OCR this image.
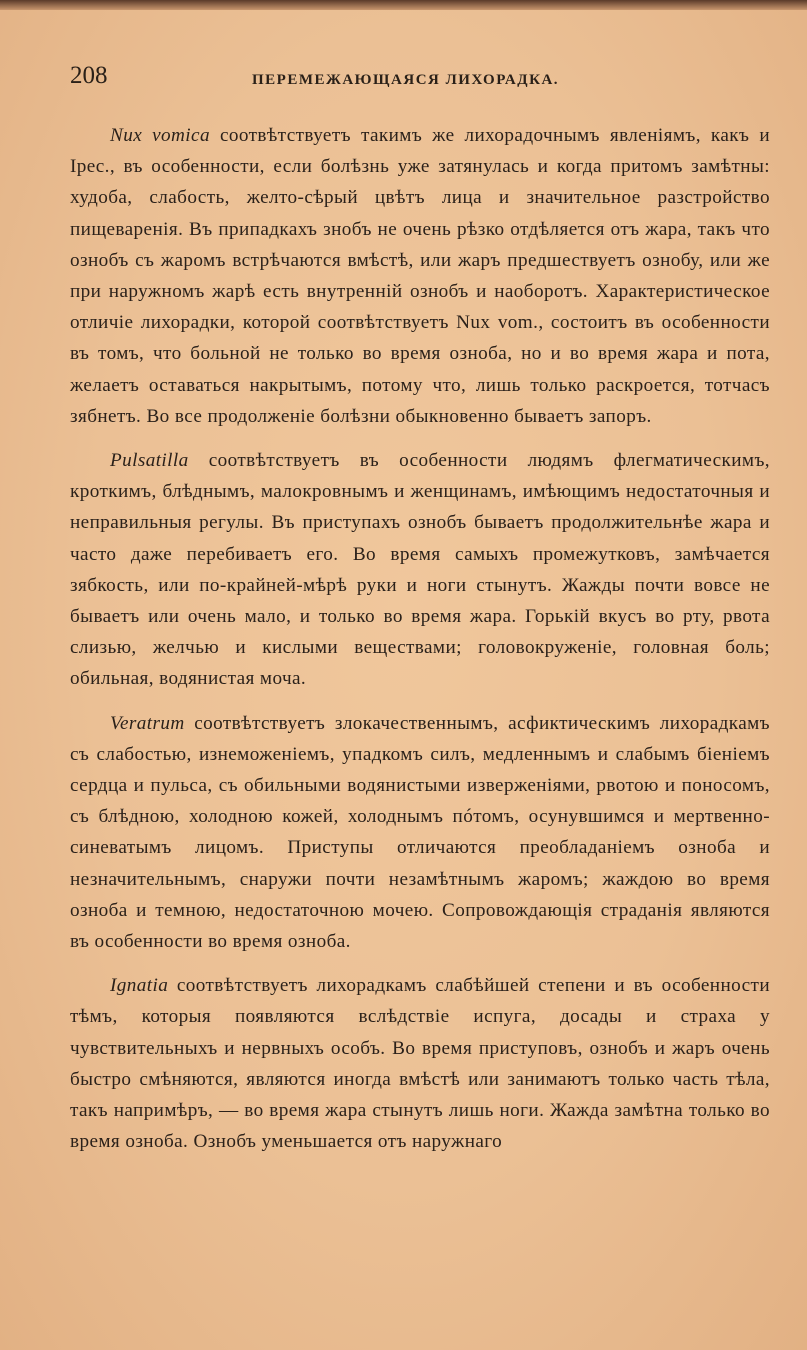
208	ПЕРЕМЕЖАЮЩАЯСЯ ЛИХОРАДКА.

Nux vomica соотвѣтствуетъ такимъ же лихорадочнымъ явленіямъ, какъ и Ipec., въ особенности, если болѣзнь уже затянулась и когда притомъ замѣтны: худоба, слабость, желто-сѣрый цвѣтъ лица и значительное разстройство пищеваренія. Въ припадкахъ знобъ не очень рѣзко отдѣляется отъ жара, такъ что ознобъ съ жаромъ встрѣчаются вмѣстѣ, или жаръ предшествуетъ ознобу, или же при наружномъ жарѣ есть внутренній ознобъ и наоборотъ. Характеристическое отличіе лихорадки, которой соотвѣтствуетъ Nux vom., состоитъ въ особенности въ томъ, что больной не только во время озноба, но и во время жара и пота, желаетъ оставаться накрытымъ, потому что, лишь только раскроется, тотчасъ зябнетъ. Во все продолженіе болѣзни обыкновенно бываетъ запоръ.

Pulsatilla соотвѣтствуетъ въ особенности людямъ флегматическимъ, кроткимъ, блѣднымъ, малокровнымъ и женщинамъ, имѣющимъ недостаточныя и неправильныя регулы. Въ приступахъ ознобъ бываетъ продолжительнѣе жара и часто даже перебиваетъ его. Во время самыхъ промежутковъ, замѣчается зябкость, или по-крайней-мѣрѣ руки и ноги стынутъ. Жажды почти вовсе не бываетъ или очень мало, и только во время жара. Горькій вкусъ во рту, рвота слизью, желчью и кислыми веществами; головокруженіе, головная боль; обильная, водянистая моча.

Veratrum соотвѣтствуетъ злокачественнымъ, асфиктическимъ лихорадкамъ съ слабостью, изнеможеніемъ, упадкомъ силъ, медленнымъ и слабымъ біеніемъ сердца и пульса, съ обильными водянистыми изверженіями, рвотою и поносомъ, съ блѣдною, холодною кожей, холоднымъ пóтомъ, осунувшимся и мертвенно-синеватымъ лицомъ. Приступы отличаются преобладаніемъ озноба и незначительнымъ, снаружи почти незамѣтнымъ жаромъ; жаждою во время озноба и темною, недостаточною мочею. Сопровождающія страданія являются въ особенности во время озноба.

Ignatia соотвѣтствуетъ лихорадкамъ слабѣйшей степени и въ особенности тѣмъ, которыя появляются вслѣдствіе испуга, досады и страха у чувствительныхъ и нервныхъ особъ. Во время приступовъ, ознобъ и жаръ очень быстро смѣняются, являются иногда вмѣстѣ или занимаютъ только часть тѣла, такъ напримѣръ, — во время жара стынутъ лишь ноги. Жажда замѣтна только во время озноба. Ознобъ уменьшается отъ наружнаго
